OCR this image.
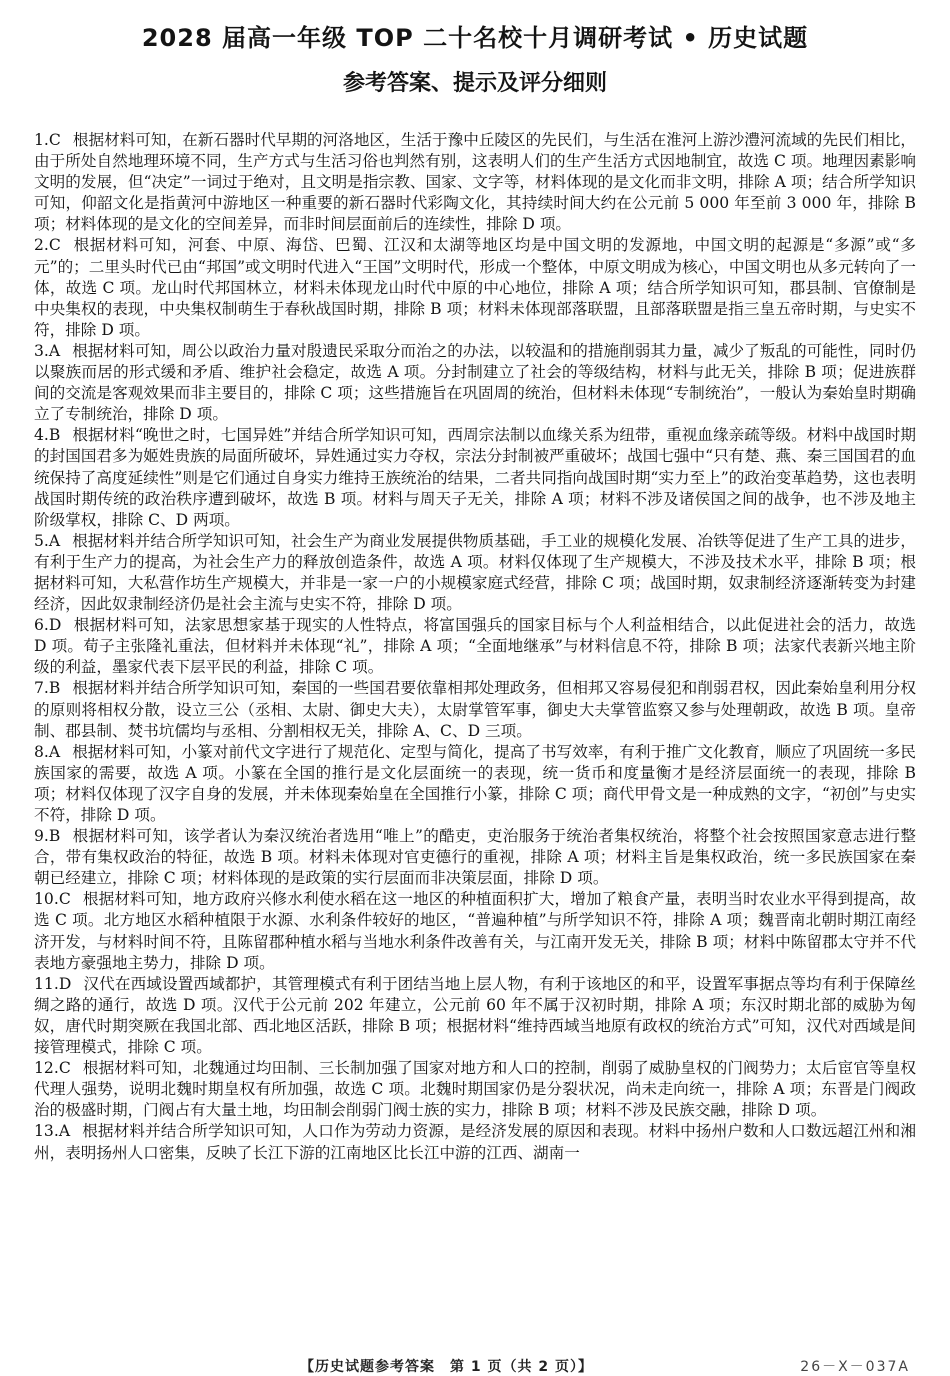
2028 届高一年级 TOP 二十名校十月调研考试 • 历史试题
参考答案、提示及评分细则

1.C 根据材料可知，在新石器时代早期的河洛地区，生活于豫中丘陵区的先民们，与生活在淮河上游沙澧河流域的先民们相比，由于所处自然地理环境不同，生产方式与生活习俗也判然有别，这表明人们的生产生活方式因地制宜，故选 C 项。地理因素影响文明的发展，但“决定”一词过于绝对，且文明是指宗教、国家、文字等，材料体现的是文化而非文明，排除 A 项；结合所学知识可知，仰韶文化是指黄河中游地区一种重要的新石器时代彩陶文化，其持续时间大约在公元前 5 000 年至前 3 000 年，排除 B 项；材料体现的是文化的空间差异，而非时间层面前后的连续性，排除 D 项。

2.C 根据材料可知，河套、中原、海岱、巴蜀、江汉和太湖等地区均是中国文明的发源地，中国文明的起源是“多源”或“多元”的；二里头时代已由“邦国”或文明时代进入“王国”文明时代，形成一个整体，中原文明成为核心，中国文明也从多元转向了一体，故选 C 项。龙山时代邦国林立，材料未体现龙山时代中原的中心地位，排除 A 项；结合所学知识可知，郡县制、官僚制是中央集权的表现，中央集权制萌生于春秋战国时期，排除 B 项；材料未体现部落联盟，且部落联盟是指三皇五帝时期，与史实不符，排除 D 项。

3.A 根据材料可知，周公以政治力量对殷遗民采取分而治之的办法，以较温和的措施削弱其力量，减少了叛乱的可能性，同时仍以聚族而居的形式缓和矛盾、维护社会稳定，故选 A 项。分封制建立了社会的等级结构，材料与此无关，排除 B 项；促进族群间的交流是客观效果而非主要目的，排除 C 项；这些措施旨在巩固周的统治，但材料未体现“专制统治”，一般认为秦始皇时期确立了专制统治，排除 D 项。

4.B 根据材料“晚世之时，七国异姓”并结合所学知识可知，西周宗法制以血缘关系为纽带，重视血缘亲疏等级。材料中战国时期的封国国君多为姬姓贵族的局面所破坏，异姓通过实力夺权，宗法分封制被严重破坏；战国七强中“只有楚、燕、秦三国国君的血统保持了高度延续性”则是它们通过自身实力维持王族统治的结果，二者共同指向战国时期“实力至上”的政治变革趋势，这也表明战国时期传统的政治秩序遭到破坏，故选 B 项。材料与周天子无关，排除 A 项；材料不涉及诸侯国之间的战争，也不涉及地主阶级掌权，排除 C、D 两项。

5.A 根据材料并结合所学知识可知，社会生产为商业发展提供物质基础，手工业的规模化发展、冶铁等促进了生产工具的进步，有利于生产力的提高，为社会生产力的释放创造条件，故选 A 项。材料仅体现了生产规模大，不涉及技术水平，排除 B 项；根据材料可知，大私营作坊生产规模大，并非是一家一户的小规模家庭式经营，排除 C 项；战国时期，奴隶制经济逐渐转变为封建经济，因此奴隶制经济仍是社会主流与史实不符，排除 D 项。

6.D 根据材料可知，法家思想家基于现实的人性特点，将富国强兵的国家目标与个人利益相结合，以此促进社会的活力，故选 D 项。荀子主张隆礼重法，但材料并未体现“礼”，排除 A 项；“全面地继承”与材料信息不符，排除 B 项；法家代表新兴地主阶级的利益，墨家代表下层平民的利益，排除 C 项。

7.B 根据材料并结合所学知识可知，秦国的一些国君要依靠相邦处理政务，但相邦又容易侵犯和削弱君权，因此秦始皇利用分权的原则将相权分散，设立三公（丞相、太尉、御史大夫），太尉掌管军事，御史大夫掌管监察又参与处理朝政，故选 B 项。皇帝制、郡县制、焚书坑儒均与丞相、分割相权无关，排除 A、C、D 三项。

8.A 根据材料可知，小篆对前代文字进行了规范化、定型与简化，提高了书写效率，有利于推广文化教育，顺应了巩固统一多民族国家的需要，故选 A 项。小篆在全国的推行是文化层面统一的表现，统一货币和度量衡才是经济层面统一的表现，排除 B 项；材料仅体现了汉字自身的发展，并未体现秦始皇在全国推行小篆，排除 C 项；商代甲骨文是一种成熟的文字，“初创”与史实不符，排除 D 项。

9.B 根据材料可知，该学者认为秦汉统治者选用“唯上”的酷吏，吏治服务于统治者集权统治，将整个社会按照国家意志进行整合，带有集权政治的特征，故选 B 项。材料未体现对官吏德行的重视，排除 A 项；材料主旨是集权政治，统一多民族国家在秦朝已经建立，排除 C 项；材料体现的是政策的实行层面而非决策层面，排除 D 项。

10.C 根据材料可知，地方政府兴修水利使水稻在这一地区的种植面积扩大，增加了粮食产量，表明当时农业水平得到提高，故选 C 项。北方地区水稻种植限于水源、水利条件较好的地区，“普遍种植”与所学知识不符，排除 A 项；魏晋南北朝时期江南经济开发，与材料时间不符，且陈留郡种植水稻与当地水利条件改善有关，与江南开发无关，排除 B 项；材料中陈留郡太守并不代表地方豪强地主势力，排除 D 项。

11.D 汉代在西域设置西域都护，其管理模式有利于团结当地上层人物，有利于该地区的和平，设置军事据点等均有利于保障丝绸之路的通行，故选 D 项。汉代于公元前 202 年建立，公元前 60 年不属于汉初时期，排除 A 项；东汉时期北部的威胁为匈奴，唐代时期突厥在我国北部、西北地区活跃，排除 B 项；根据材料“维持西域当地原有政权的统治方式”可知，汉代对西域是间接管理模式，排除 C 项。

12.C 根据材料可知，北魏通过均田制、三长制加强了国家对地方和人口的控制，削弱了威胁皇权的门阀势力；太后宦官等皇权代理人强势，说明北魏时期皇权有所加强，故选 C 项。北魏时期国家仍是分裂状况，尚未走向统一，排除 A 项；东晋是门阀政治的极盛时期，门阀占有大量土地，均田制会削弱门阀士族的实力，排除 B 项；材料不涉及民族交融，排除 D 项。

13.A 根据材料并结合所学知识可知，人口作为劳动力资源，是经济发展的原因和表现。材料中扬州户数和人口数远超江州和湘州，表明扬州人口密集，反映了长江下游的江南地区比长江中游的江西、湖南一

【历史试题参考答案　第 1 页（共 2 页）】	26－X－037A
